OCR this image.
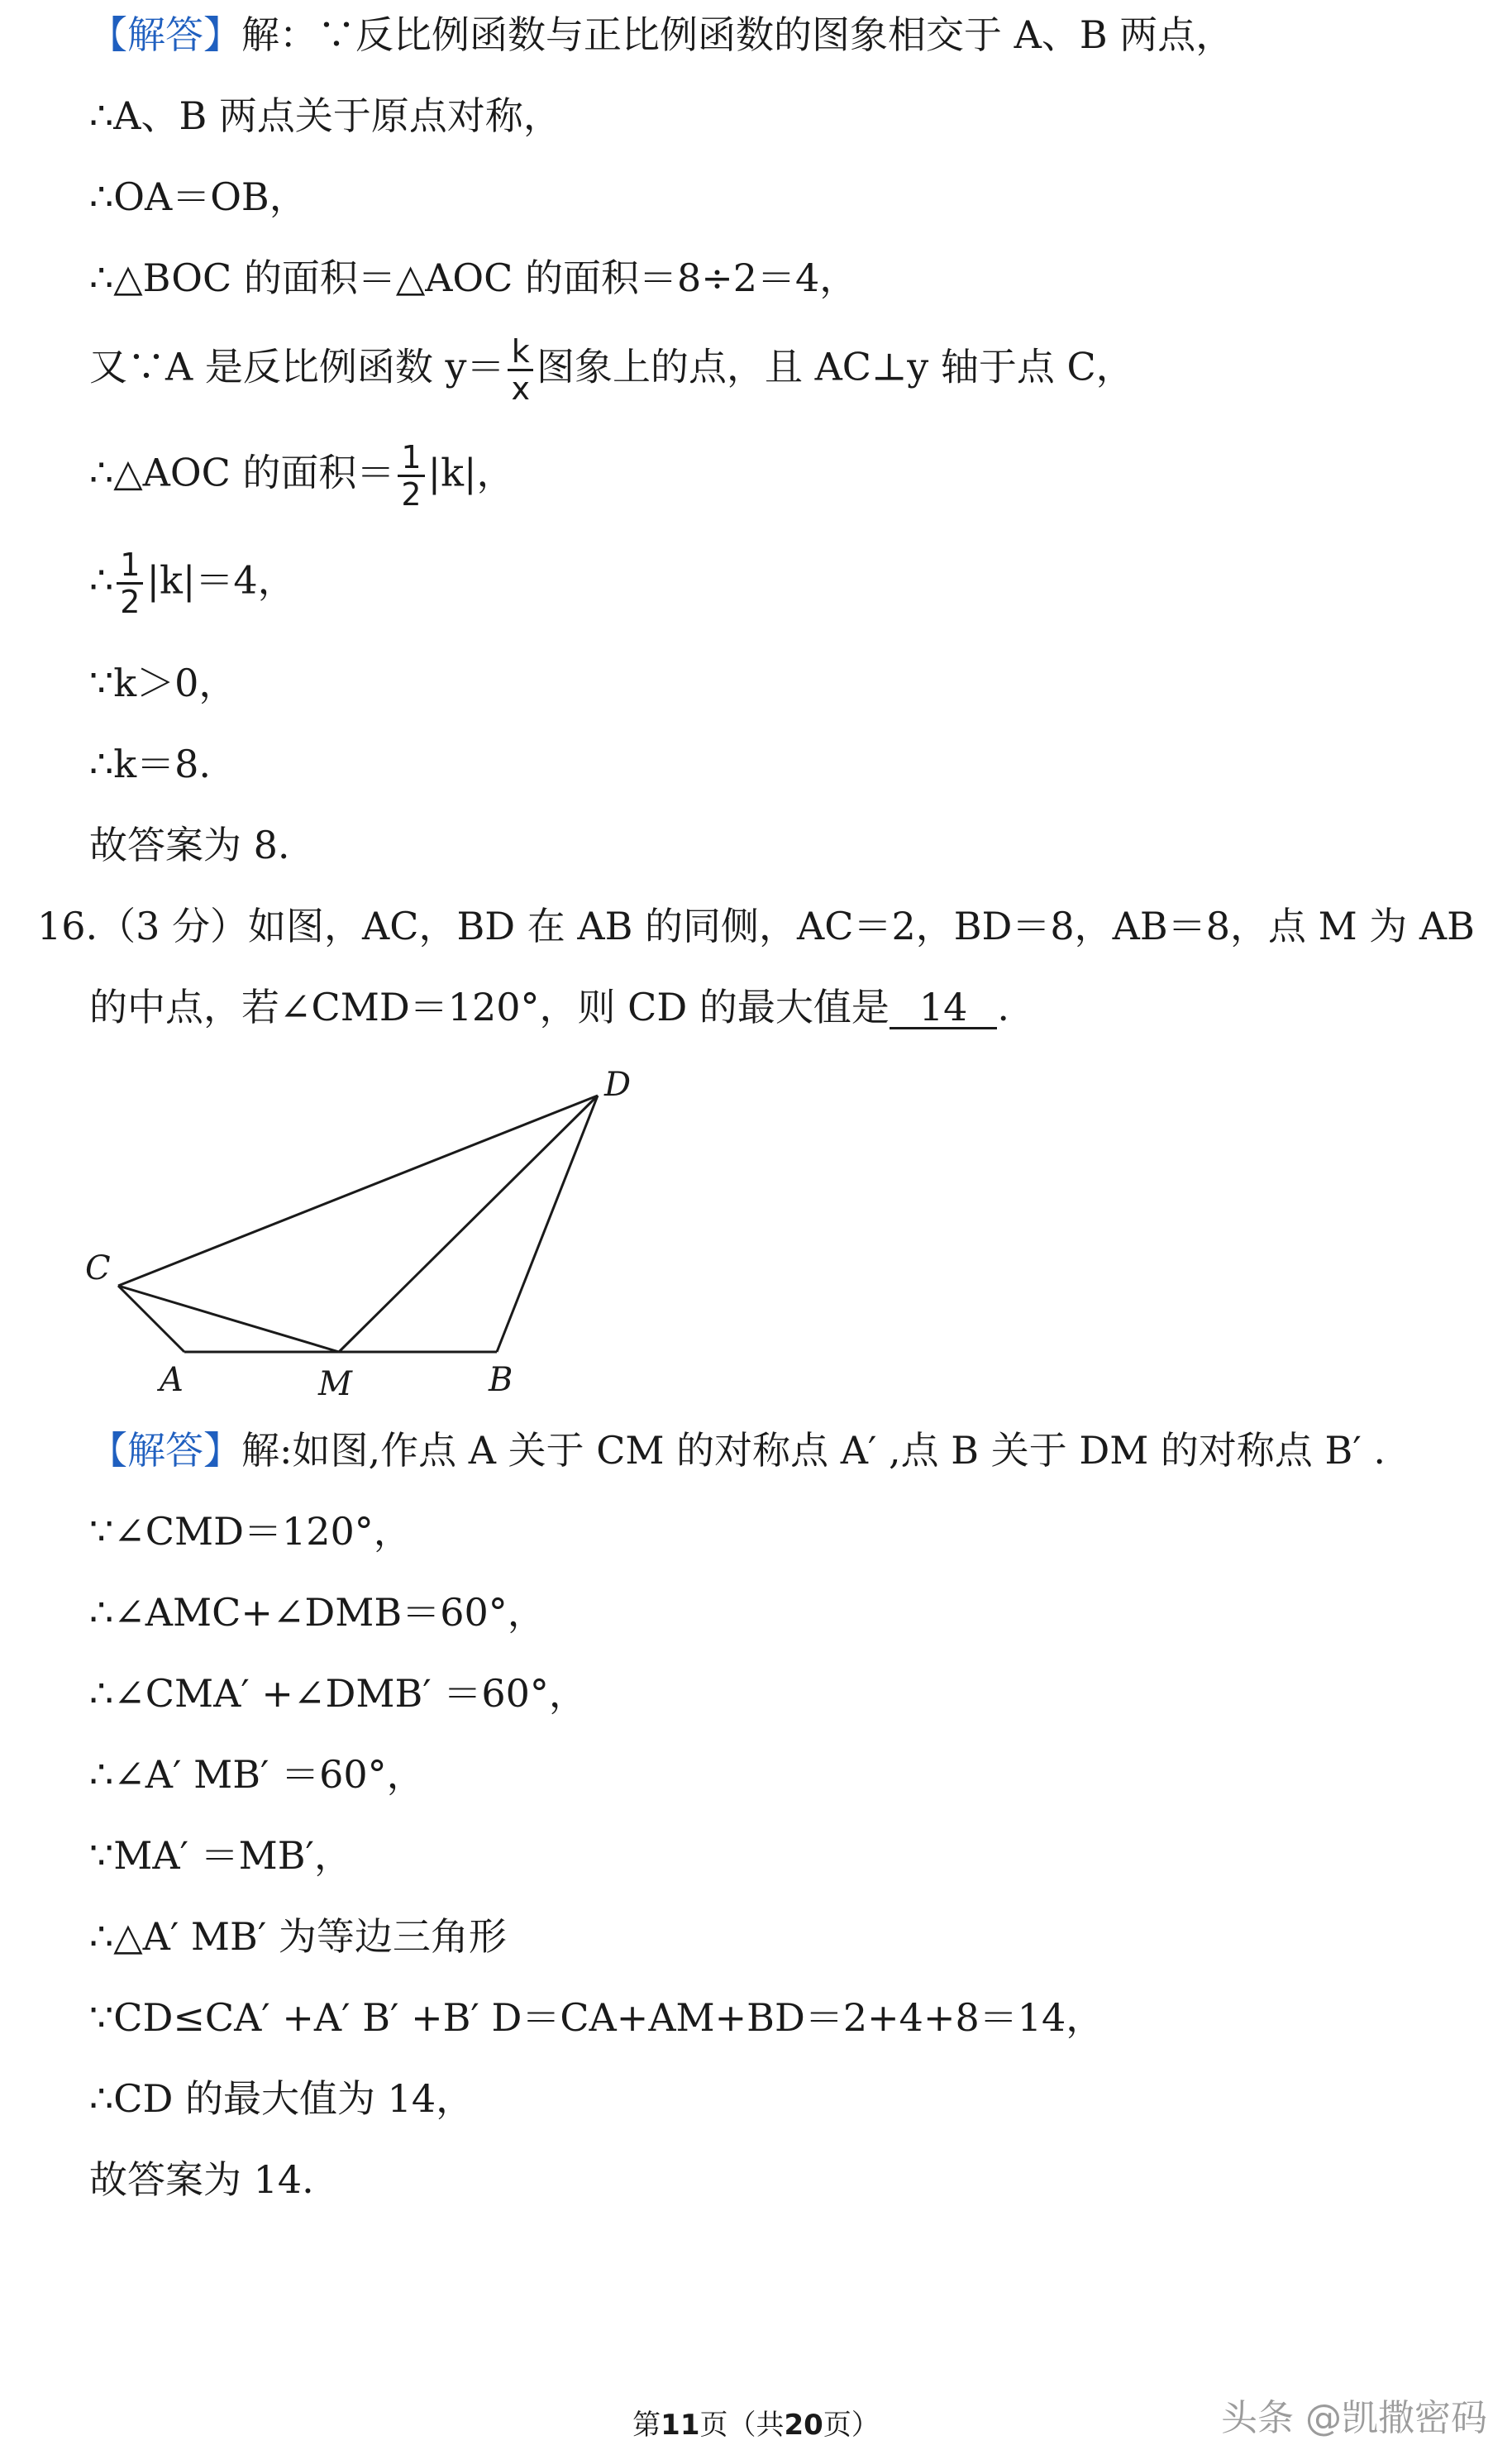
【解答】解：∵反比例函数与正比例函数的图象相交于 A、B 两点，
∴A、B 两点关于原点对称，
∴OA＝OB，
∴△BOC 的面积＝△AOC 的面积＝8÷2＝4，
又∵A 是反比例函数 $y= \frac{k}{x}$ 图象上的点，且 AC⊥y 轴于点 C，
∴△AOC 的面积＝ $\frac{1}{2} |k|$，
∴ $\frac{1}{2} |k|=4$，
∵k＞0，
∴k＝8.
故答案为 8.
16.（3 分）如图，AC，BD 在 AB 的同侧，AC＝2，BD＝8，AB＝8，点 M 为 AB
的中点，若∠CMD＝120°，则 CD 的最大值是 14 .
C
D
A	M	B
【解答】解:如图,作点 A 关于 CM 的对称点 A′ ,点 B 关于 DM 的对称点 B′ .
∵∠CMD＝120°，
∴∠AMC+∠DMB＝60°，
∴∠CMA′ +∠DMB′ ＝60°，
∴∠A′ MB′ ＝60°，
∵MA′ ＝MB′，
∴△A′ MB′ 为等边三角形
∵CD≤CA′ +A′ B′ +B′ D＝CA+AM+BD＝2+4+8＝14，
∴CD 的最大值为 14，
故答案为 14.
第11页（共20页）	头条 @凯撒密码
